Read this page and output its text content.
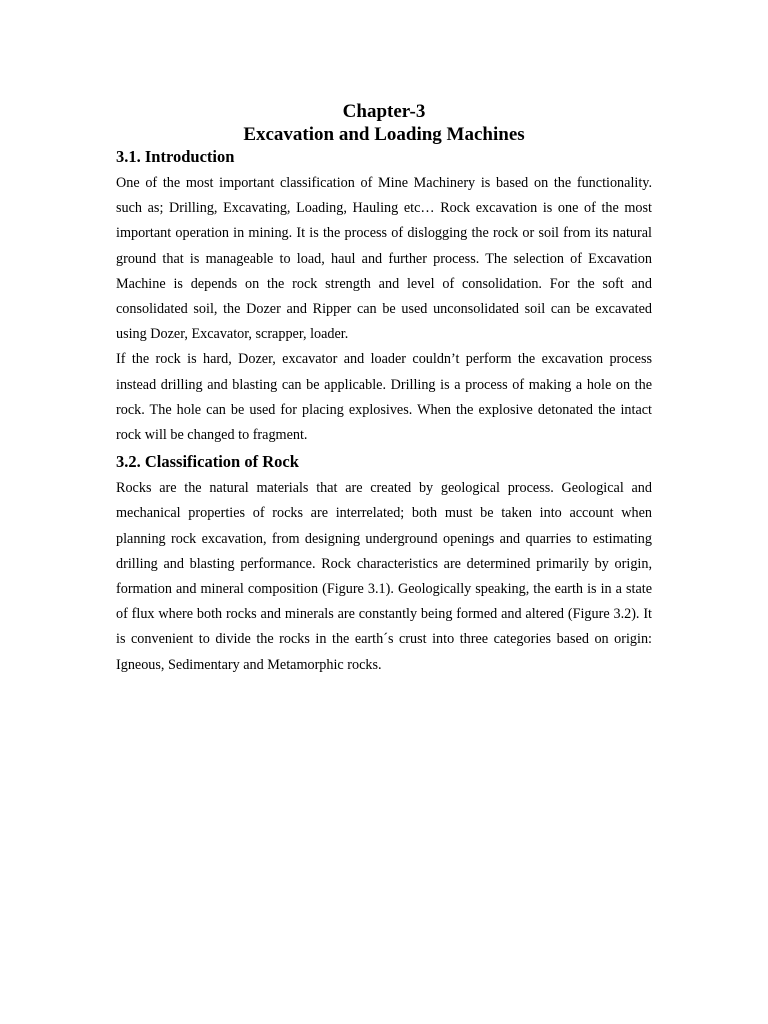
Chapter-3
Excavation and Loading Machines
3.1. Introduction

One of the most important classification of Mine Machinery is based on the functionality. such as; Drilling, Excavating, Loading, Hauling etc… Rock excavation is one of the most important operation in mining. It is the process of dislogging the rock or soil from its natural ground that is manageable to load, haul and further process. The selection of Excavation Machine is depends on the rock strength and level of consolidation. For the soft and consolidated soil, the Dozer and Ripper can be used unconsolidated soil can be excavated using Dozer, Excavator, scrapper, loader.

If the rock is hard, Dozer, excavator and loader couldn’t perform the excavation process instead drilling and blasting can be applicable. Drilling is a process of making a hole on the rock. The hole can be used for placing explosives. When the explosive detonated the intact rock will be changed to fragment.

3.2. Classification of Rock

Rocks are the natural materials that are created by geological process. Geological and mechanical properties of rocks are interrelated; both must be taken into account when planning rock excavation, from designing underground openings and quarries to estimating drilling and blasting performance. Rock characteristics are determined primarily by origin, formation and mineral composition (Figure 3.1). Geologically speaking, the earth is in a state of flux where both rocks and minerals are constantly being formed and altered (Figure 3.2). It is convenient to divide the rocks in the earth´s crust into three categories based on origin: Igneous, Sedimentary and Metamorphic rocks.
